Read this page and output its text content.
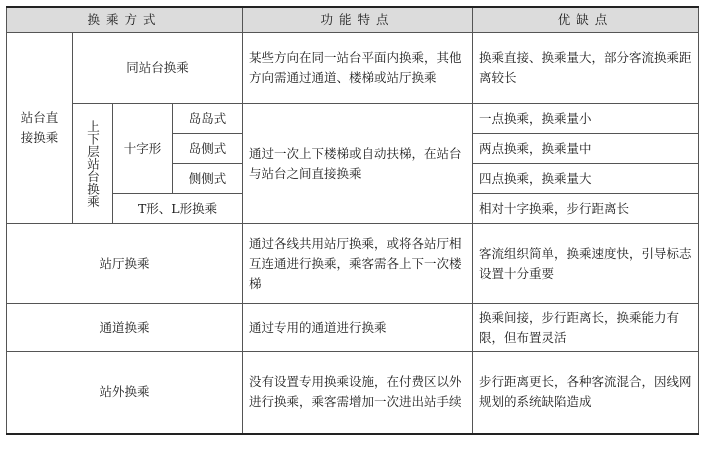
换乘方式				功能特点	优缺点
站台直接换乘	同站台换乘			某些方向在同一站台平面内换乘，其他方向需通过通道、楼梯或站厅换乘	换乘直接、换乘量大，部分客流换乘距离较长
	上下层站台换乘	十字形	岛岛式	通过一次上下楼梯或自动扶梯，在站台与站台之间直接换乘	一点换乘，换乘量小
			岛侧式		两点换乘，换乘量中
			侧侧式		四点换乘，换乘量大
		T形、L形换乘			相对十字换乘，步行距离长

站厅换乘				通过各线共用站厅换乘，或将各站厅相互连通进行换乘，乘客需各上下一次楼梯	客流组织简单，换乘速度快，引导标志设置十分重要
通道换乘				通过专用的通道进行换乘	换乘间接，步行距离长，换乘能力有限，但布置灵活
站外换乘				没有设置专用换乘设施，在付费区以外进行换乘，乘客需增加一次进出站手续	步行距离更长，各种客流混合，因线网规划的系统缺陷造成
